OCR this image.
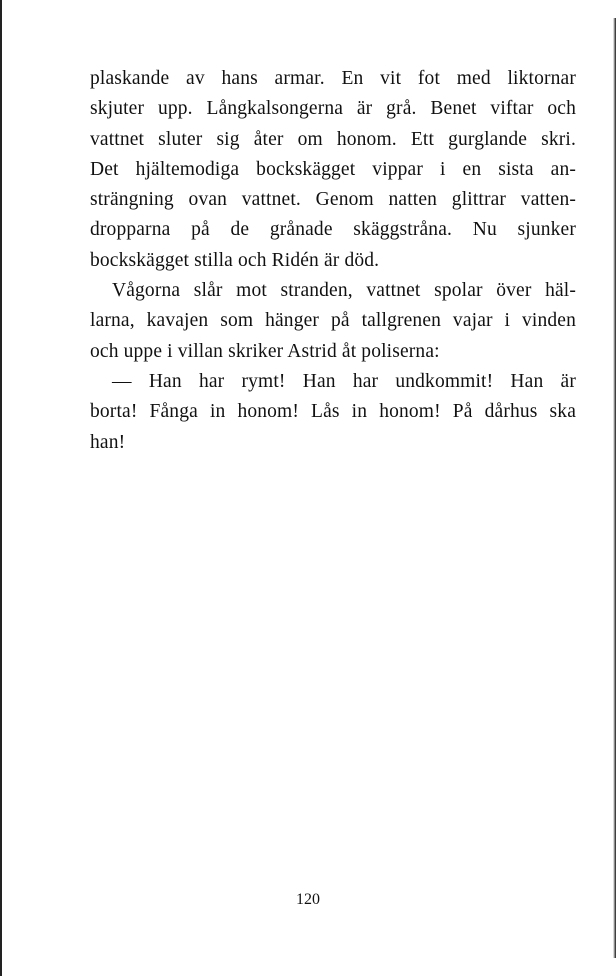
plaskande av hans armar. En vit fot med liktornar
skjuter upp. Långkalsongerna är grå. Benet viftar och
vattnet sluter sig åter om honom. Ett gurglande skri.
Det hjältemodiga bockskägget vippar i en sista an-
strängning ovan vattnet. Genom natten glittrar vatten-
dropparna på de grånade skäggstråna. Nu sjunker
bockskägget stilla och Ridén är död.

Vågorna slår mot stranden, vattnet spolar över häl-
larna, kavajen som hänger på tallgrenen vajar i vinden
och uppe i villan skriker Astrid åt poliserna:

— Han har rymt! Han har undkommit! Han är
borta! Fånga in honom! Lås in honom! På dårhus ska
han!

120
